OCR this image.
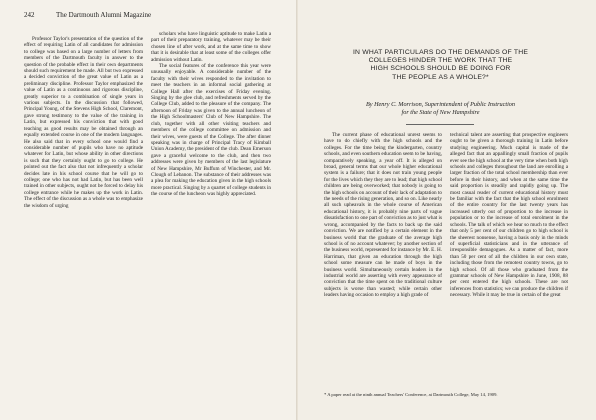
242	The Dartmouth Alumni Magazine

Professor Taylor's presentation of the question of the effect of requiring Latin of all candidates for admission to college was based on a large number of letters from members of the Dartmouth faculty in answer to the question of the probable effect in their own departments should such requirement be made. All but two expressed a decided conviction of the great value of Latin as a preliminary discipline. Professor Taylor emphasized the value of Latin as a continuous and rigorous discipline, greatly superior to a combination of single years in various subjects. In the discussion that followed, Principal Young, of the Stevens High School, Claremont, gave strong testimony to the value of the training in Latin, but expressed his conviction that with good teaching as good results may be obtained through an equally extended course in one of the modern languages. He also said that in every school one would find a considerable number of pupils who have no aptitude whatever for Latin, but whose ability in other directions is such that they certainly ought to go to college. He pointed out the fact also that not infrequently a scholar decides late in his school course that he will go to college; one who has not had Latin, but has been well trained in other subjects, ought not be forced to delay his college entrance while he makes up the work in Latin. The effect of the discussion as a whole was to emphasize the wisdom of urging

scholars who have linguistic aptitude to make Latin a part of their preparatory training, whatever may be their chosen line of after work, and at the same time to show that it is desirable that at least some of the colleges offer admission without Latin.

The social features of the conference this year were unusually enjoyable. A considerable number of the faculty with their wives responded to the invitation to meet the teachers in an informal social gathering at College Hall after the exercises of Friday evening. Singing by the glee club, and refreshments served by the College Club, added to the pleasure of the company. The afternoon of Friday was given to the annual luncheon of the High Schoolmasters' Club of New Hampshire. The club, together with all other visiting teachers and members of the college committee on admission and their wives, were guests of the College. The after dinner speaking was in charge of Principal Tracy of Kimball Union Academy, the president of the club. Dean Emerson gave a graceful welcome to the club, and then two addresses were given by members of the last legislature of New Hampshire, Mr Buffum of Winchester, and Mr. Clough of Lebanon. The substance of their addresses was a plea for making the education given in the high schools more practical. Singing by a quartet of college students in the course of the luncheon was highly appreciated.

IN WHAT PARTICULARS DO THE DEMANDS OF THE
COLLEGES HINDER THE WORK THAT THE
HIGH SCHOOLS SHOULD BE DOING FOR
THE PEOPLE AS A WHOLE?*
By Henry C. Morrison, Superintendent of Public Instruction
for the State of New Hampshire

The current phase of educational unrest seems to have to do chiefly with the high schools and the colleges. For the time being the kindergarten, country schools, and even southern education seem to be having, comparatively speaking, a year off. It is alleged on broad, general terms that our whole higher educational system is a failure; that it does not train young people for the lives which they they are to lead; that high school children are being overworked; that nobody is going to the high schools on account of their lack of adaptation to the needs of the rising generation, and so on. Like nearly all such upheavals in the whole course of American educational history, it is probably nine parts of vague dissatisfaction to one part of conviction as to just what is wrong, accompanied by the facts to back up the said conviction. We are notified by a certain element in the business world that the graduate of the average high school is of no account whatever; by another section of the business world, represented for instance by Mr. E. H. Harriman, that given an education through the high school some measure can be made of boys in the business world. Simultaneously certain leaders in the industrial world are asserting with every appearance of conviction that the time spent on the traditional culture subjects is worse than wasted; while certain other leaders having occasion to employ a high grade of

technical talent are asserting that prospective engineers ought to be given a thorough training in Latin before studying engineering. Much capital is made of the alleged fact that an appallingly small fraction of pupils ever see the high school at the very time when both high schools and colleges throughout the land are enrolling a larger fraction of the total school membership than ever before in their history, and when at the same time the said proportion is steadily and rapidly going up. The most casual reader of current educational history must be familiar with the fact that the high school enrolment of the entire country for the last twenty years has increased utterly out of proportion to the increase in population or to the increase of total enrolment in the schools. The talk of which we hear so much to the effect that only 5 per cent of our children go to high school is the sheerest nonsense, having a basis only in the minds of superficial statisticians and in the utterance of irresponsible demagogues. As a matter of fact, more than 50 per cent of all the children in our own state, including those from the remotest country towns, go to high school. Of all those who graduated from the grammar schools of New Hampshire in June, 1908, 88 per cent entered the high schools. These are not inferences from statistics; we can produce the children if necessary. While it may be true in certain of the great

* A paper read at the ninth annual Teachers' Conference, at Dartmouth College, May 14, 1909.
